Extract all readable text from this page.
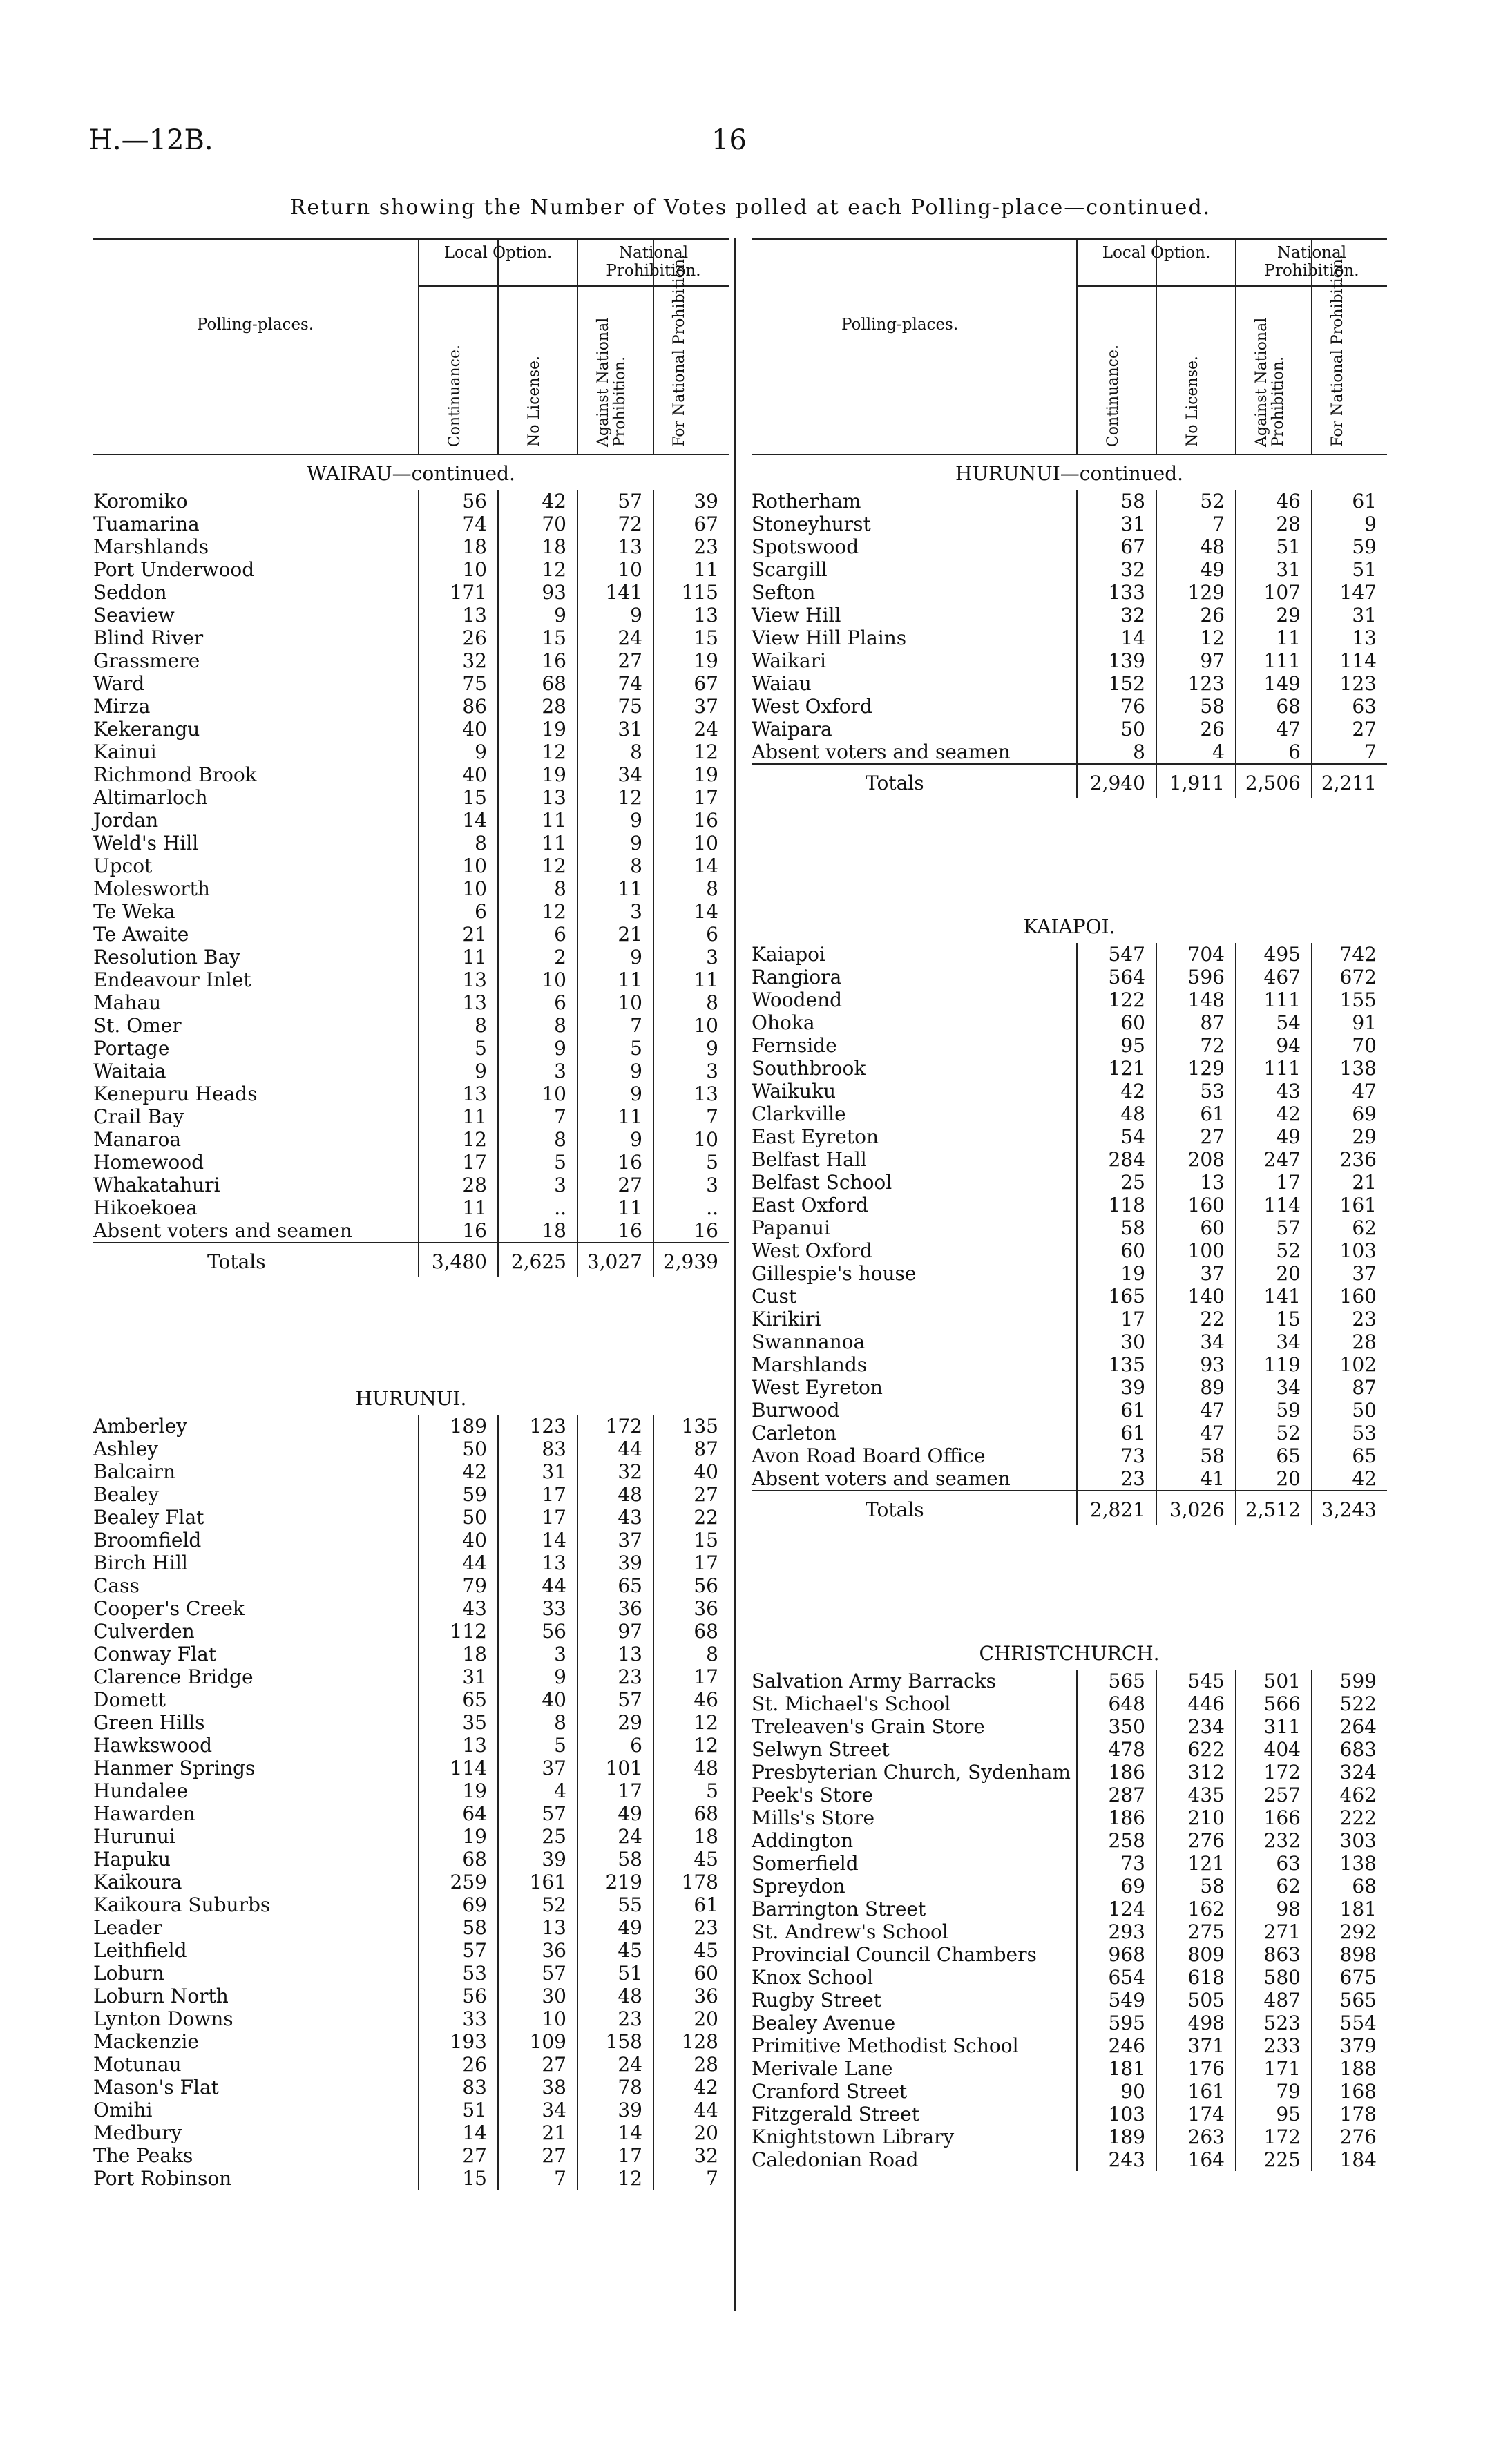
H.—12B.	16
Return showing the Number of Votes polled at each Polling-place—continued.
Polling-places.
Local Option.	National Prohibition.
Continuance.	No License.	Against National Prohibition.	For National Prohibition.
WAIRAU—continued.
Koromiko	56	42	57	39
Tuamarina	74	70	72	67
Marshlands	18	18	13	23
Port Underwood	10	12	10	11
Seddon	171	93 141 115
Seaview	13	9	9	13
Blind River	26	15	24	15
Grassmere	32	16	27	19
Ward	75	68	74	67
Mirza	86	28	75	37
Kekerangu	40	19	31	24
Kainui	9	12	8	12
Richmond Brook	40	19	34	19
Altimarloch	15	13	12	17
Jordan	14	11	9	16
Weld's Hill	8	11	9	10
Upcot	10	12	8	14
Molesworth	10	8	11	8
Te Weka	6	12	3	14
Te Awaite	21	6	21	6
Resolution Bay	11	2	9	3
Endeavour Inlet	13	10	11	11
Mahau	13	6	10	8
St. Omer	8	8	7	10
Portage	5	9	5	9
Waitaia	9	3	9	3
Kenepuru Heads	13	10	9	13
Crail Bay	11	7	11	7
Manaroa	12	8	9	10
Homewood	17	5	16	5
Whakatahuri	28	3	27	3
Hikoekoea	11	..	11	..
Absent voters and seamen	16	18	16	16
Totals	3,480 2,625 3,027 2,939
HURUNUI.
Amberley	189 123 172 135
Ashley	50	83	44	87
Balcairn	42	31	32	40
Bealey	59	17	48	27
Bealey Flat	50	17	43	22
Broomfield	40	14	37	15
Birch Hill	44	13	39	17
Cass	79	44	65	56
Cooper's Creek	43	33	36	36
Culverden	112	56	97	68
Conway Flat	18	3	13	8
Clarence Bridge	31	9	23	17
Domett	65	40	57	46
Green Hills	35	8	29	12
Hawkswood	13	5	6	12
Hanmer Springs	114	37 101	48
Hundalee	19	4	17	5
Hawarden	64	57	49	68
Hurunui	19	25	24	18
Hapuku	68	39	58	45
Kaikoura	259 161 219 178
Kaikoura Suburbs	69	52	55	61
Leader	58	13	49	23
Leithfield	57	36	45	45
Loburn	53	57	51	60
Loburn North	56	30	48	36
Lynton Downs	33	10	23	20
Mackenzie	193 109 158 128
Motunau	26	27	24	28
Mason's Flat	83	38	78	42
Omihi	51	34	39	44
Medbury	14	21	14	20
The Peaks	27	27	17	32
Port Robinson	15	7	12	7
Polling-places.
Local Option.	National Prohibition.
Continuance.	No License.	Against National Prohibition.	For National Prohibition.
HURUNUI—continued.
Rotherham	58	52	46	61
Stoneyhurst	31	7	28	9
Spotswood	67	48	51	59
Scargill	32	49	31	51
Sefton	133 129 107 147
View Hill	32	26	29	31
View Hill Plains	14	12	11	13
Waikari	139	97 111 114
Waiau	152 123 149 123
West Oxford	76	58	68	63
Waipara	50	26	47	27
Absent voters and seamen	8	4	6	7
Totals	2,940 1,911 2,506 2,211
KAIAPOI.
Kaiapoi	547 704 495 742
Rangiora	564 596 467 672
Woodend	122 148 111 155
Ohoka	60	87	54	91
Fernside	95	72	94	70
Southbrook	121 129 111 138
Waikuku	42	53	43	47
Clarkville	48	61	42	69
East Eyreton	54	27	49	29
Belfast Hall	284 208 247 236
Belfast School	25	13	17	21
East Oxford	118 160 114 161
Papanui	58	60	57	62
West Oxford	60 100	52 103
Gillespie's house	19	37	20	37
Cust	165 140 141 160
Kirikiri	17	22	15	23
Swannanoa	30	34	34	28
Marshlands	135	93 119 102
West Eyreton	39	89	34	87
Burwood	61	47	59	50
Carleton	61	47	52	53
Avon Road Board Office	73	58	65	65
Absent voters and seamen	23	41	20	42
Totals	2,821 3,026 2,512 3,243
CHRISTCHURCH.
Salvation Army Barracks	565 545 501 599
St. Michael's School	648 446 566 522
Treleaven's Grain Store	350 234 311 264
Selwyn Street	478 622 404 683
Presbyterian Church, Sydenham 186 312 172 324
Peek's Store	287 435 257 462
Mills's Store	186 210 166 222
Addington	258 276 232 303
Somerfield	73 121	63 138
Spreydon	69	58	62	68
Barrington Street	124 162	98 181
St. Andrew's School	293 275 271 292
Provincial Council Chambers	968 809 863 898
Knox School	654 618 580 675
Rugby Street	549 505 487 565
Bealey Avenue	595 498 523 554
Primitive Methodist School	246 371 233 379
Merivale Lane	181 176 171 188
Cranford Street	90 161	79 168
Fitzgerald Street	103 174	95 178
Knightstown Library	189 263 172 276
Caledonian Road	243 164 225 184
